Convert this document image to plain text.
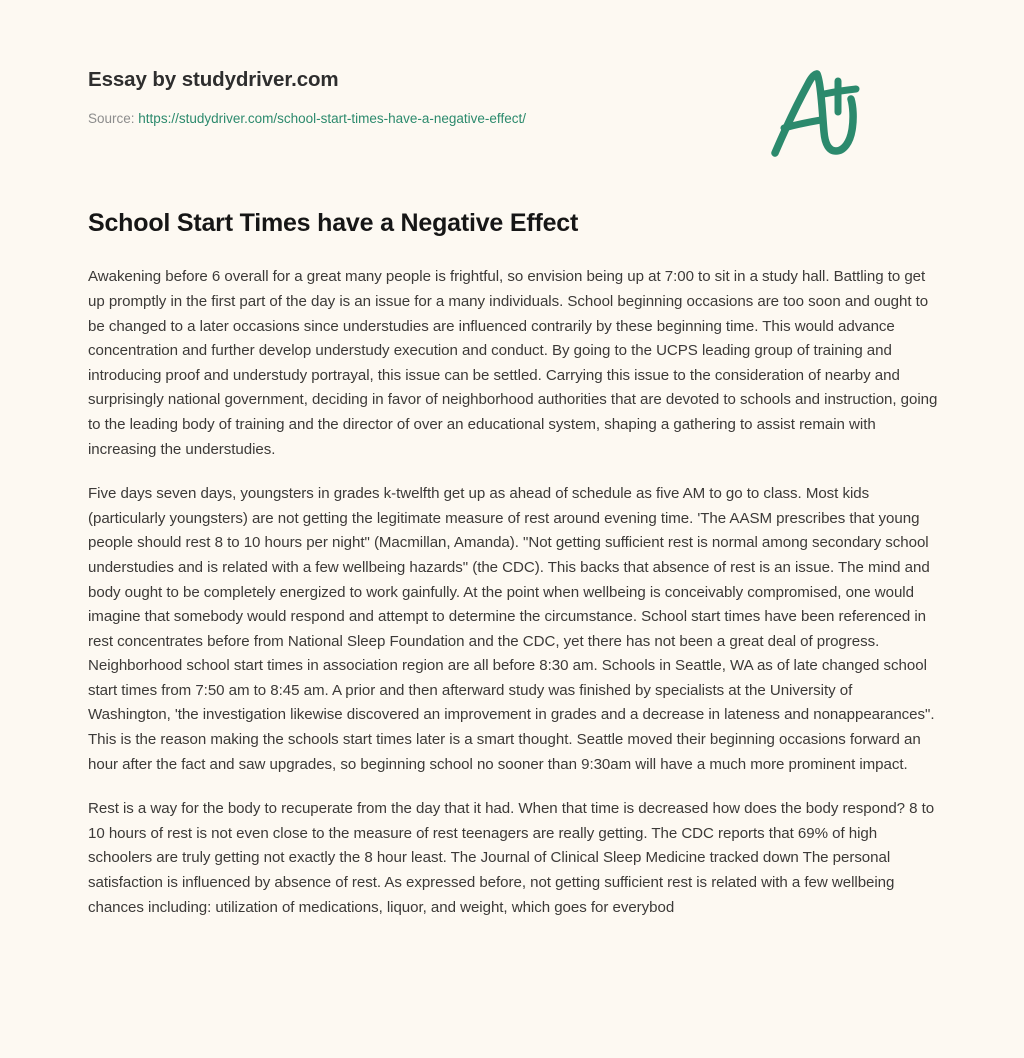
Essay by studydriver.com
Source: https://studydriver.com/school-start-times-have-a-negative-effect/
School Start Times have a Negative Effect

Awakening before 6 overall for a great many people is frightful, so envision being up at 7:00 to sit in a study hall. Battling to get up promptly in the first part of the day is an issue for a many individuals. School beginning occasions are too soon and ought to be changed to a later occasions since understudies are influenced contrarily by these beginning time. This would advance concentration and further develop understudy execution and conduct. By going to the UCPS leading group of training and introducing proof and understudy portrayal, this issue can be settled. Carrying this issue to the consideration of nearby and surprisingly national government, deciding in favor of neighborhood authorities that are devoted to schools and instruction, going to the leading body of training and the director of over an educational system, shaping a gathering to assist remain with increasing the understudies.

Five days seven days, youngsters in grades k-twelfth get up as ahead of schedule as five AM to go to class. Most kids (particularly youngsters) are not getting the legitimate measure of rest around evening time. 'The AASM prescribes that young people should rest 8 to 10 hours per night" (Macmillan, Amanda). "Not getting sufficient rest is normal among secondary school understudies and is related with a few wellbeing hazards" (the CDC). This backs that absence of rest is an issue. The mind and body ought to be completely energized to work gainfully. At the point when wellbeing is conceivably compromised, one would imagine that somebody would respond and attempt to determine the circumstance. School start times have been referenced in rest concentrates before from National Sleep Foundation and the CDC, yet there has not been a great deal of progress. Neighborhood school start times in association region are all before 8:30 am. Schools in Seattle, WA as of late changed school start times from 7:50 am to 8:45 am. A prior and then afterward study was finished by specialists at the University of Washington, 'the investigation likewise discovered an improvement in grades and a decrease in lateness and nonappearances". This is the reason making the schools start times later is a smart thought. Seattle moved their beginning occasions forward an hour after the fact and saw upgrades, so beginning school no sooner than 9:30am will have a much more prominent impact.

Rest is a way for the body to recuperate from the day that it had. When that time is decreased how does the body respond? 8 to 10 hours of rest is not even close to the measure of rest teenagers are really getting. The CDC reports that 69% of high schoolers are truly getting not exactly the 8 hour least. The Journal of Clinical Sleep Medicine tracked down The personal satisfaction is influenced by absence of rest. As expressed before, not getting sufficient rest is related with a few wellbeing chances including: utilization of medications, liquor, and weight, which goes for everybod
